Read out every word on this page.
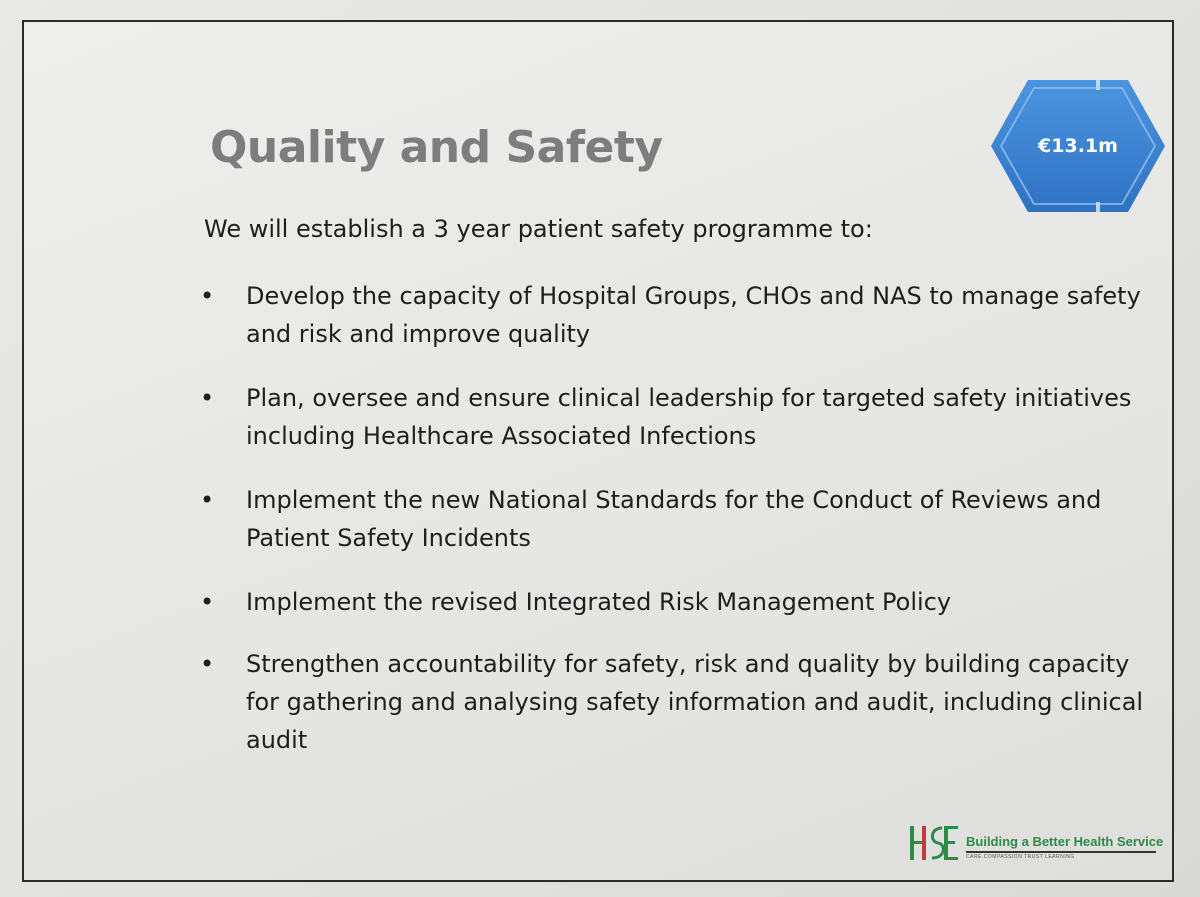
Quality and Safety	€13.1m
We will establish a 3 year patient safety programme to:
• Develop the capacity of Hospital Groups, CHOs and NAS to manage safety and risk and improve quality
• Plan, oversee and ensure clinical leadership for targeted safety initiatives including Healthcare Associated Infections
• Implement the new National Standards for the Conduct of Reviews and Patient Safety Incidents
• Implement the revised Integrated Risk Management Policy
• Strengthen accountability for safety, risk and quality by building capacity for gathering and analysing safety information and audit, including clinical audit
Building a Better Health Service
CARE COMPASSION TRUST LEARNING
